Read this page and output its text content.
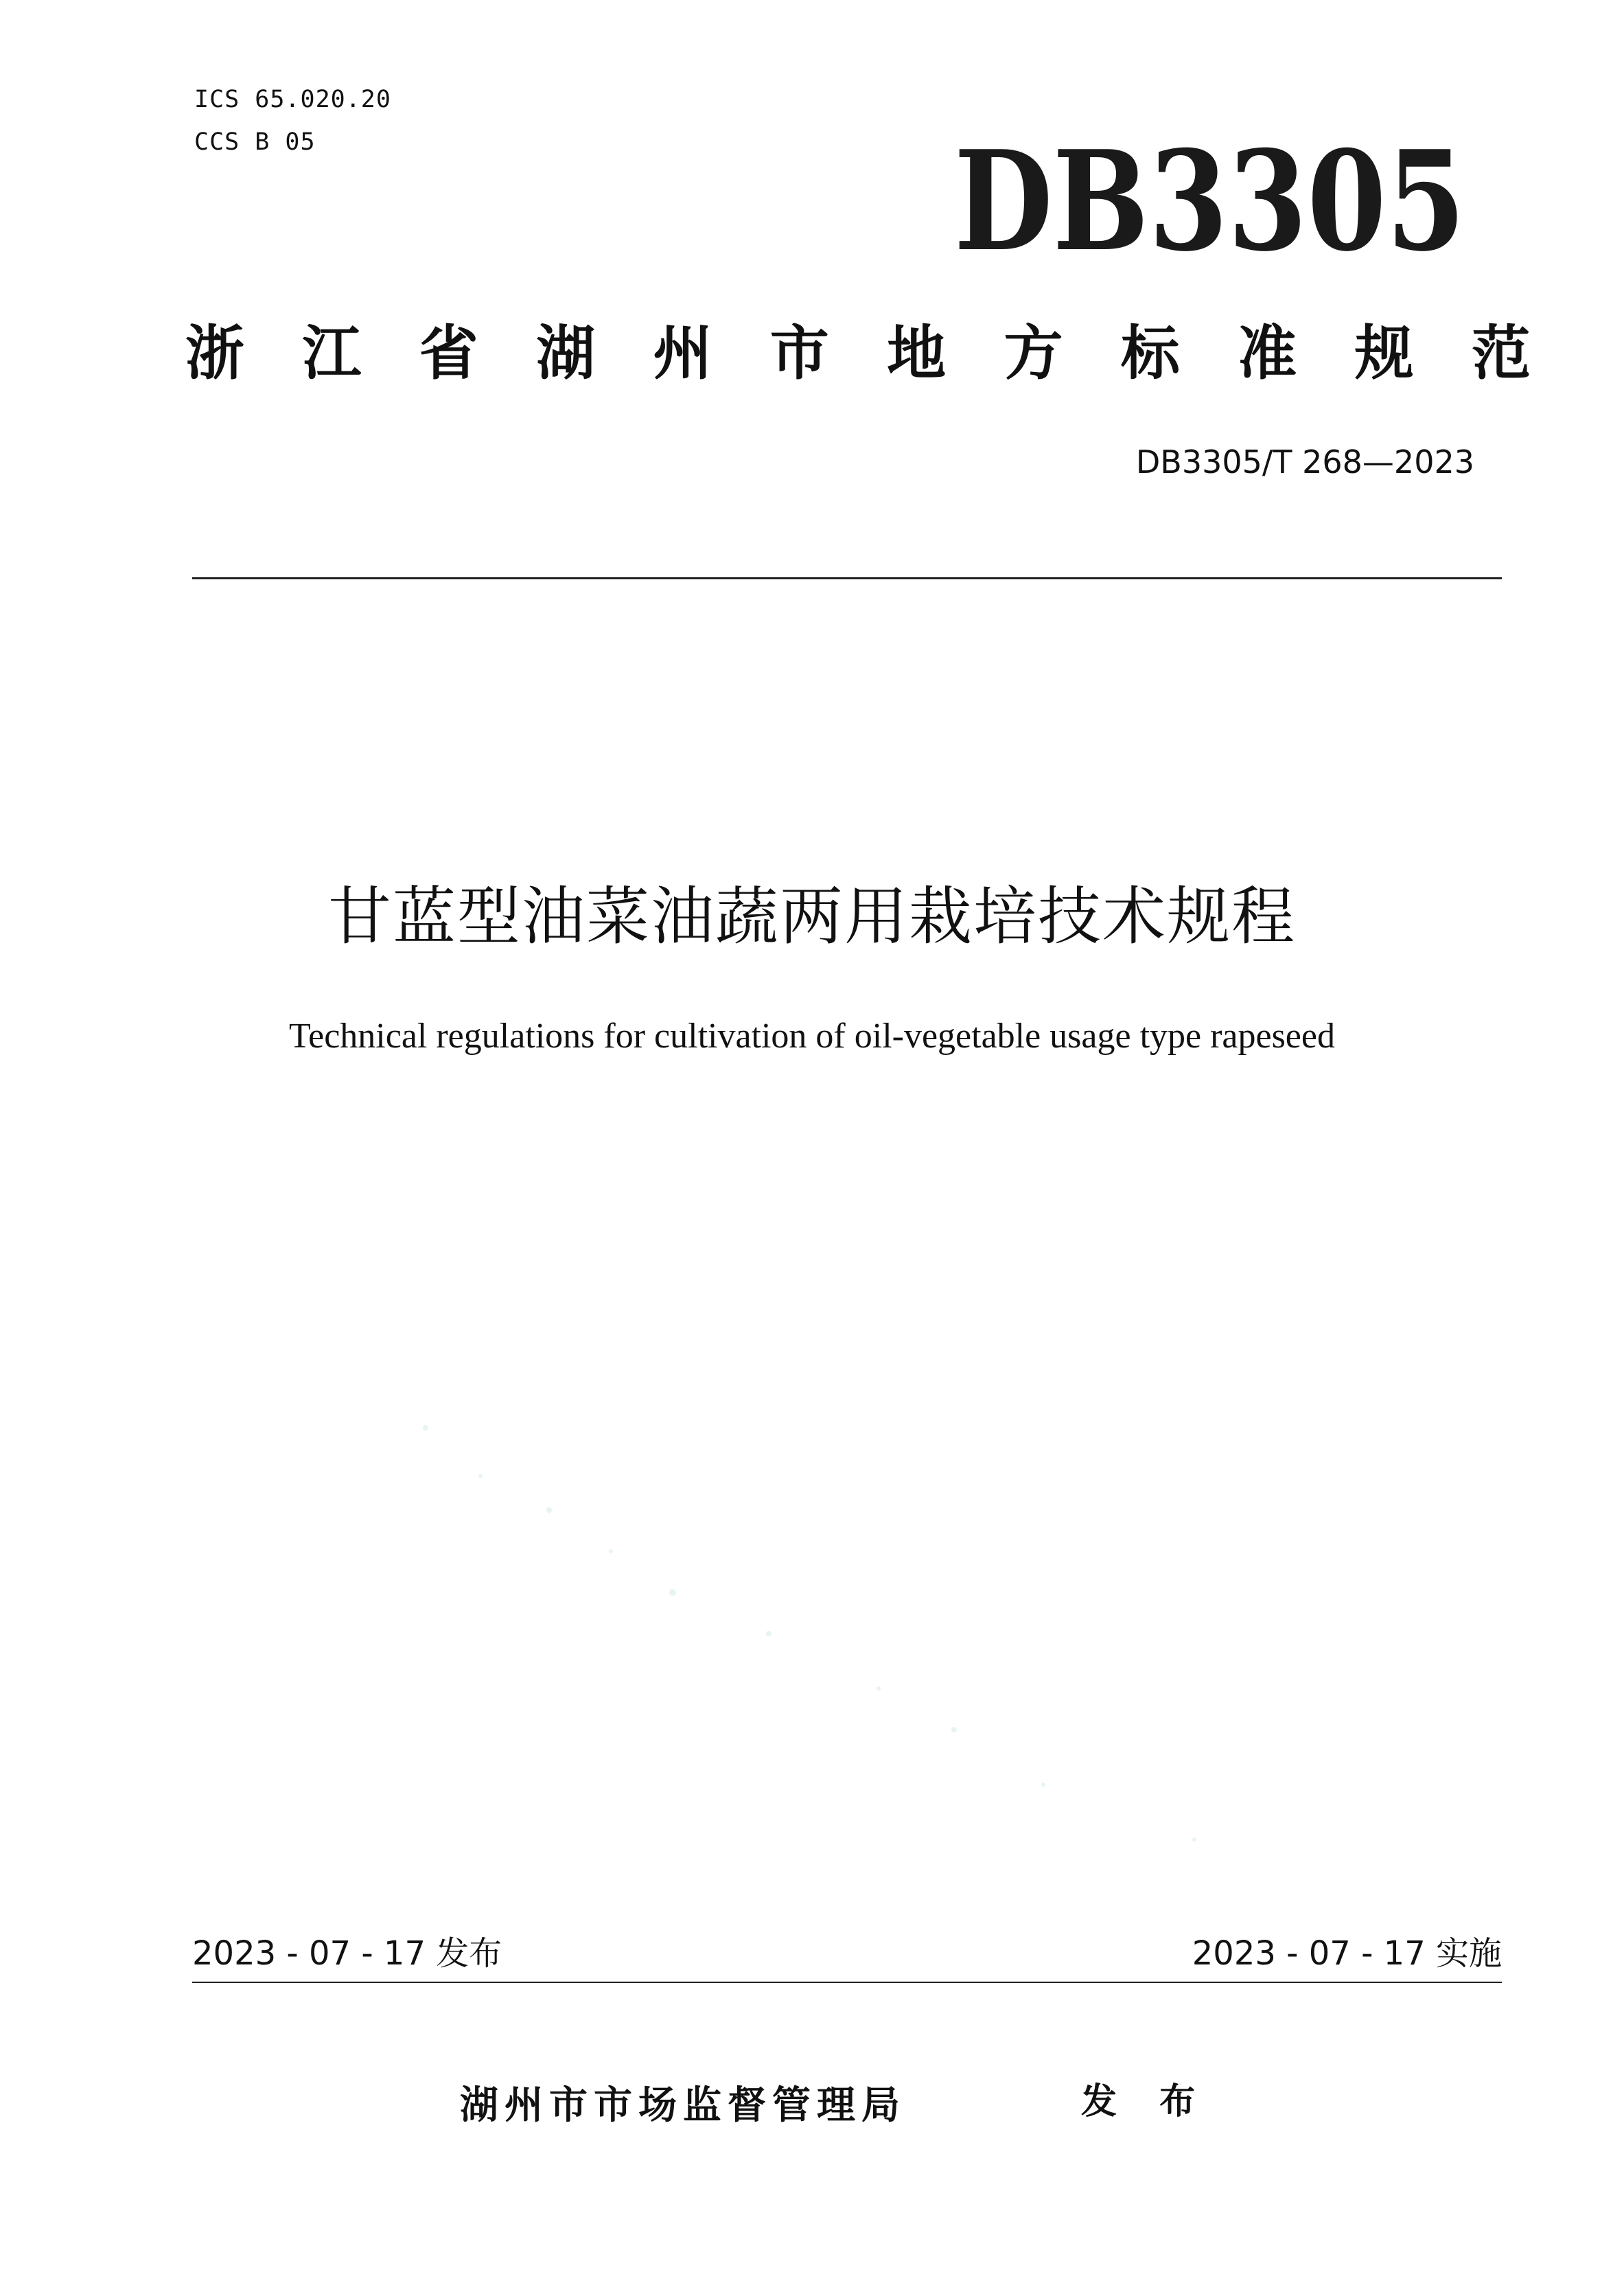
ICS 65.020.20
CCS B 05	DB3305
浙 江 省 湖 州 市 地 方 标 准 规 范
DB3305/T 268—2023
甘蓝型油菜油蔬两用栽培技术规程
Technical regulations for cultivation of oil-vegetable usage type rapeseed
2023 - 07 - 17 发布	2023 - 07 - 17 实施
湖州市市场监督管理局	发 布
